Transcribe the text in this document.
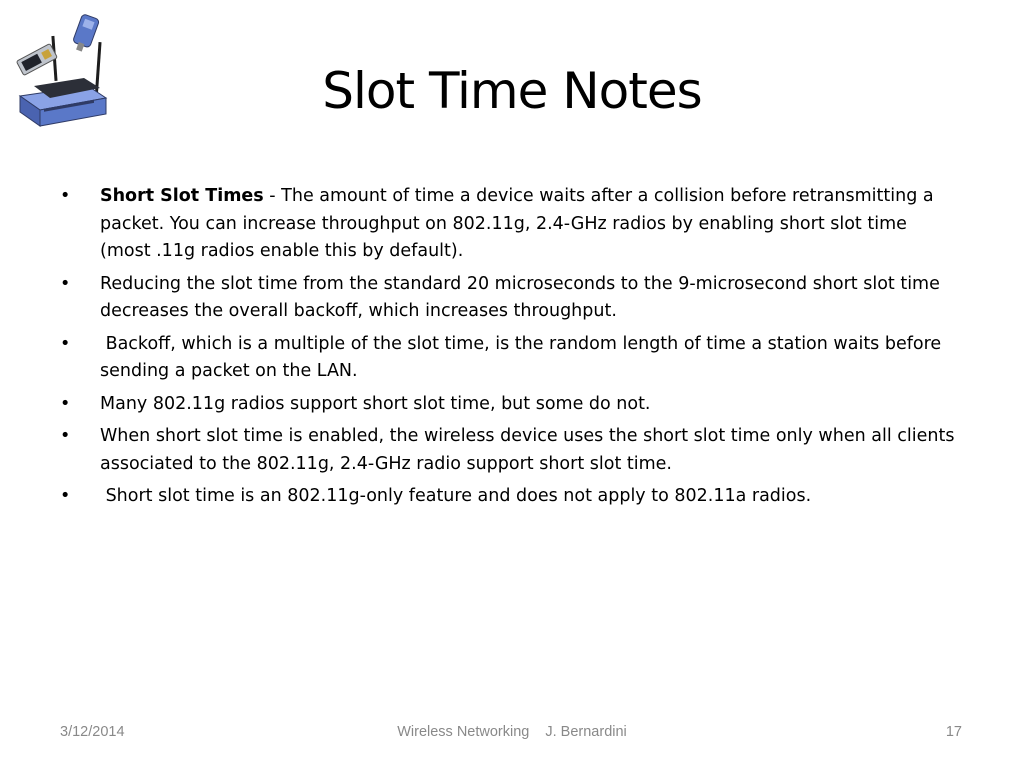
Slot Time Notes
•	Short Slot Times - The amount of time a device waits after a collision before retransmitting a packet. You can increase throughput on 802.11g, 2.4-GHz radios by enabling short slot time (most .11g radios enable this by default).
•	Reducing the slot time from the standard 20 microseconds to the 9-microsecond short slot time decreases the overall backoff, which increases throughput.
•	Backoff, which is a multiple of the slot time, is the random length of time a station waits before sending a packet on the LAN.
•	Many 802.11g radios support short slot time, but some do not.
•	When short slot time is enabled, the wireless device uses the short slot time only when all clients associated to the 802.11g, 2.4-GHz radio support short slot time.
•	Short slot time is an 802.11g-only feature and does not apply to 802.11a radios.
3/12/2014	Wireless Networking J. Bernardini	17
